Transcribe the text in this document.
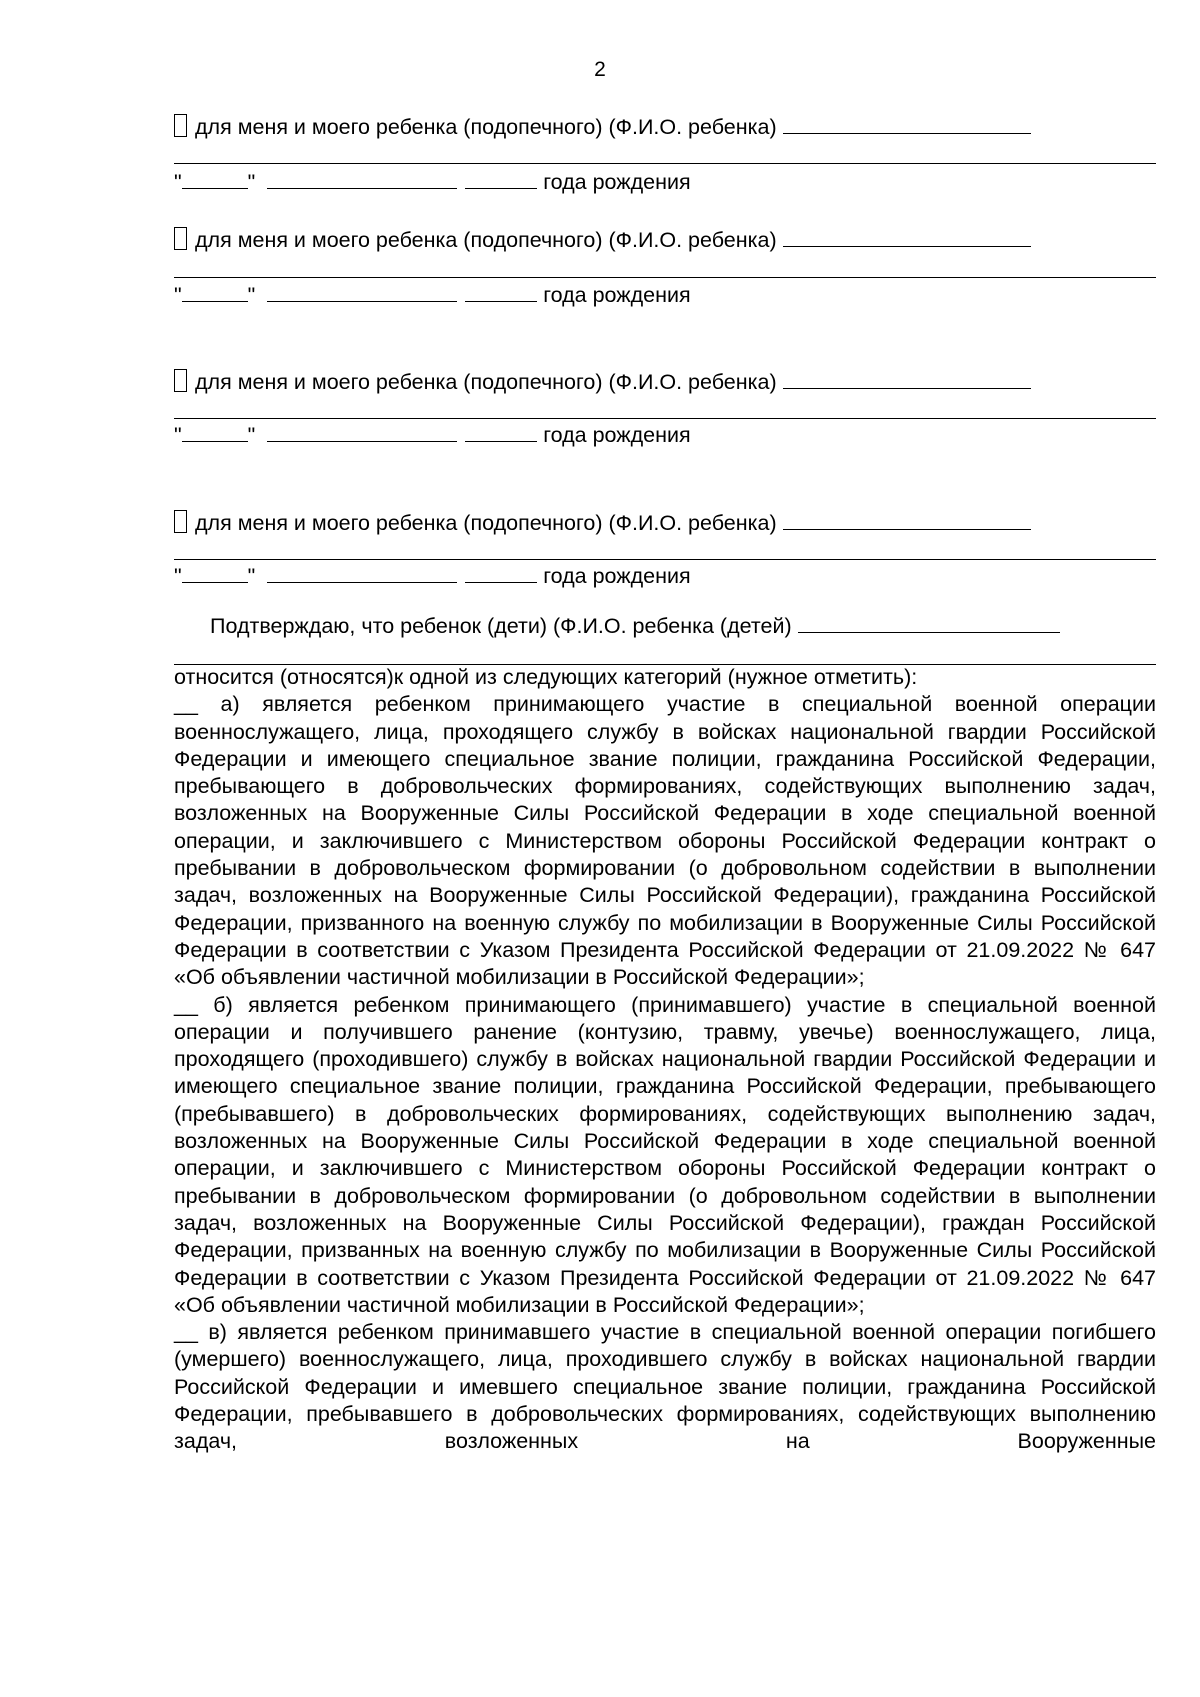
2
для меня и моего ребенка (подопечного) (Ф.И.О. ребенка)
"	"	года рождения
для меня и моего ребенка (подопечного) (Ф.И.О. ребенка)
"	"	года рождения
для меня и моего ребенка (подопечного) (Ф.И.О. ребенка)
"	"	года рождения
для меня и моего ребенка (подопечного) (Ф.И.О. ребенка)
"	"	года рождения
Подтверждаю, что ребенок (дети) (Ф.И.О. ребенка (детей)

относится (относятся)к одной из следующих категорий (нужное отметить):

__ а) является ребенком принимающего участие в специальной военной операции военнослужащего, лица, проходящего службу в войсках национальной гвардии Российской Федерации и имеющего специальное звание полиции, гражданина Российской Федерации, пребывающего в добровольческих формированиях, содействующих выполнению задач, возложенных на Вооруженные Силы Российской Федерации в ходе специальной военной операции, и заключившего с Министерством обороны Российской Федерации контракт о пребывании в добровольческом формировании (о добровольном содействии в выполнении задач, возложенных на Вооруженные Силы Российской Федерации), гражданина Российской Федерации, призванного на военную службу по мобилизации в Вооруженные Силы Российской Федерации в соответствии с Указом Президента Российской Федерации от 21.09.2022 № 647 «Об объявлении частичной мобилизации в Российской Федерации»;

__ б) является ребенком принимающего (принимавшего) участие в специальной военной операции и получившего ранение (контузию, травму, увечье) военнослужащего, лица, проходящего (проходившего) службу в войсках национальной гвардии Российской Федерации и имеющего специальное звание полиции, гражданина Российской Федерации, пребывающего (пребывавшего) в добровольческих формированиях, содействующих выполнению задач, возложенных на Вооруженные Силы Российской Федерации в ходе специальной военной операции, и заключившего с Министерством обороны Российской Федерации контракт о пребывании в добровольческом формировании (о добровольном содействии в выполнении задач, возложенных на Вооруженные Силы Российской Федерации), граждан Российской Федерации, призванных на военную службу по мобилизации в Вооруженные Силы Российской Федерации в соответствии с Указом Президента Российской Федерации от 21.09.2022 № 647 «Об объявлении частичной мобилизации в Российской Федерации»;

__ в) является ребенком принимавшего участие в специальной военной операции погибшего (умершего) военнослужащего, лица, проходившего службу в войсках национальной гвардии Российской Федерации и имевшего специальное звание полиции, гражданина Российской Федерации, пребывавшего в добровольческих формированиях, содействующих выполнению задач, возложенных на Вооруженные
